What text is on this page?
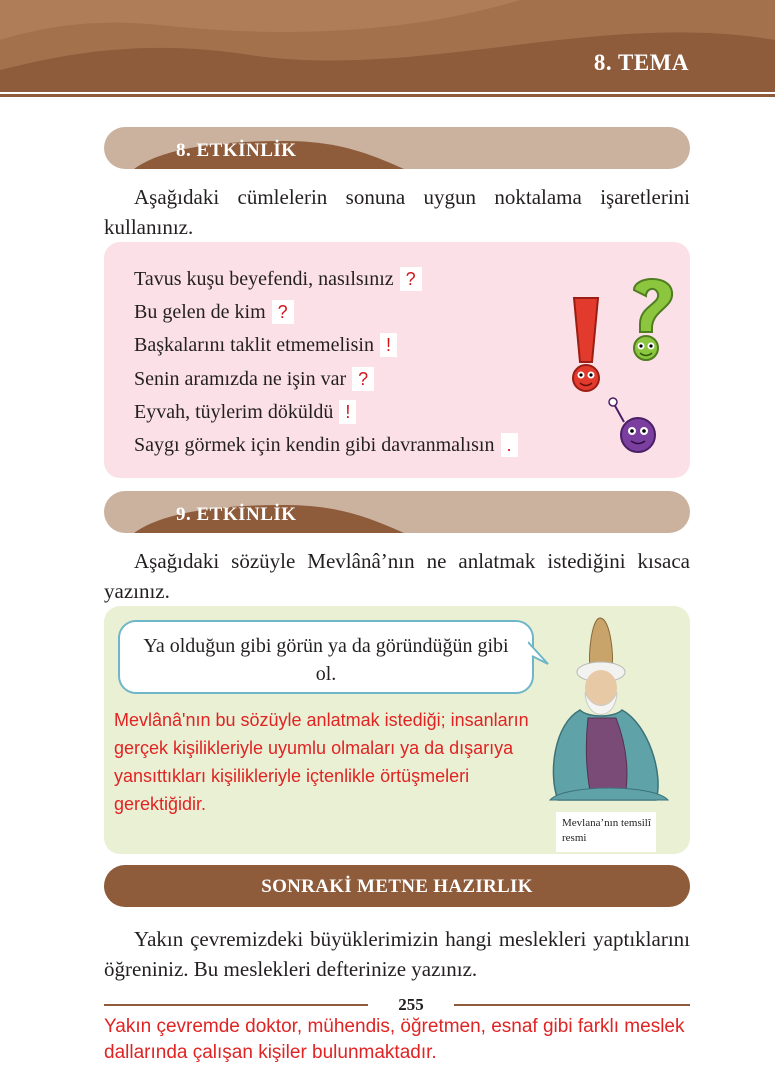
8. TEMA
8. ETKİNLİK
Aşağıdaki cümlelerin sonuna uygun noktalama işaretlerini kullanınız.
Tavus kuşu beyefendi, nasılsınız ?
Bu gelen de kim ?
Başkalarını taklit etmemelisin !
Senin aramızda ne işin var ?
Eyvah, tüylerim döküldü !
Saygı görmek için kendin gibi davranmalısın .
9. ETKİNLİK
Aşağıdaki sözüyle Mevlânâ’nın ne anlatmak istediğini kısaca yazınız.
Ya olduğun gibi görün ya da göründüğün gibi ol.
Mevlânâ'nın bu sözüyle anlatmak istediği; insanların gerçek kişilikleriyle uyumlu olmaları ya da dışarıya yansıttıkları kişilikleriyle içtenlikle örtüşmeleri gerektiğidir.
Mevlana’nın temsilî resmi
SONRAKİ METNE HAZIRLIK
Yakın çevremizdeki büyüklerimizin hangi meslekleri yaptıklarını öğreniniz. Bu meslekleri defterinize yazınız.
255
Yakın çevremde doktor, mühendis, öğretmen, esnaf gibi farklı meslek dallarında çalışan kişiler bulunmaktadır.
